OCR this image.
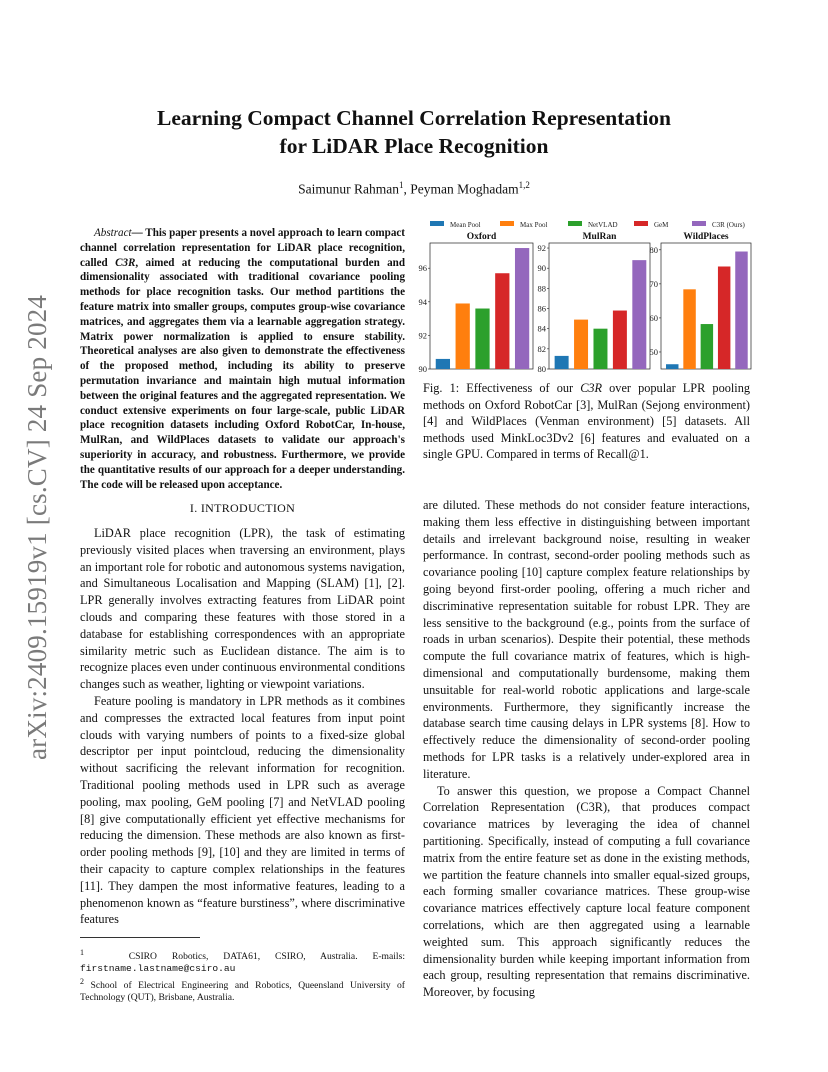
arXiv:2409.15919v1 [cs.CV] 24 Sep 2024
Learning Compact Channel Correlation Representation
for LiDAR Place Recognition
Saimunur Rahman$^1$, Peyman Moghadam$^{1,2}$

Abstract— This paper presents a novel approach to learn compact channel correlation representation for LiDAR place recognition, called C3R, aimed at reducing the computational burden and dimensionality associated with traditional covariance pooling methods for place recognition tasks. Our method partitions the feature matrix into smaller groups, computes group-wise covariance matrices, and aggregates them via a learnable aggregation strategy. Matrix power normalization is applied to ensure stability. Theoretical analyses are also given to demonstrate the effectiveness of the proposed method, including its ability to preserve permutation invariance and maintain high mutual information between the original features and the aggregated representation. We conduct extensive experiments on four large-scale, public LiDAR place recognition datasets including Oxford RobotCar, In-house, MulRan, and WildPlaces datasets to validate our approach's superiority in accuracy, and robustness. Furthermore, we provide the quantitative results of our approach for a deeper understanding. The code will be released upon acceptance.

I. INTRODUCTION

LiDAR place recognition (LPR), the task of estimating previously visited places when traversing an environment, plays an important role for robotic and autonomous systems navigation, and Simultaneous Localisation and Mapping (SLAM) [1], [2]. LPR generally involves extracting features from LiDAR point clouds and comparing these features with those stored in a database for establishing correspondences with an appropriate similarity metric such as Euclidean distance. The aim is to recognize places even under continuous environmental conditions changes such as weather, lighting or viewpoint variations.

Feature pooling is mandatory in LPR methods as it combines and compresses the extracted local features from input point clouds with varying numbers of points to a fixed-size global descriptor per input pointcloud, reducing the dimensionality without sacrificing the relevant information for recognition. Traditional pooling methods used in LPR such as average pooling, max pooling, GeM pooling [7] and NetVLAD pooling [8] give computationally efficient yet effective mechanisms for reducing the dimension. These methods are also known as first-order pooling methods [9], [10] and they are limited in terms of their capacity to capture complex relationships in the features [11]. They dampen the most informative features, leading to a phenomenon known as “feature burstiness”, where discriminative features

$^1$	CSIRO Robotics, DATA61, CSIRO, Australia. E-mails: firstname.lastname@csiro.au
$^2$ School of Electrical Engineering and Robotics, Queensland University of Technology (QUT), Brisbane, Australia.
Mean Pool	Max Pool	NetVLAD	GeM	C3R (Ours)
Oxford
90
92
94
96
MulRan
80
82
84
86
88
90
92
WildPlaces
50
60
70
80
Fig. 1: Effectiveness of our C3R over popular LPR pooling methods on Oxford RobotCar [3], MulRan (Sejong environment) [4] and WildPlaces (Venman environment) [5] datasets. All methods used MinkLoc3Dv2 [6] features and evaluated on a single GPU. Compared in terms of Recall@1.

are diluted. These methods do not consider feature interactions, making them less effective in distinguishing between important details and irrelevant background noise, resulting in weaker performance. In contrast, second-order pooling methods such as covariance pooling [10] capture complex feature relationships by going beyond first-order pooling, offering a much richer and discriminative representation suitable for robust LPR. They are less sensitive to the background (e.g., points from the surface of roads in urban scenarios). Despite their potential, these methods compute the full covariance matrix of features, which is high-dimensional and computationally burdensome, making them unsuitable for real-world robotic applications and large-scale environments. Furthermore, they significantly increase the database search time causing delays in LPR systems [8]. How to effectively reduce the dimensionality of second-order pooling methods for LPR tasks is a relatively under-explored area in literature.

To answer this question, we propose a Compact Channel Correlation Representation (C3R), that produces compact covariance matrices by leveraging the idea of channel partitioning. Specifically, instead of computing a full covariance matrix from the entire feature set as done in the existing methods, we partition the feature channels into smaller equal-sized groups, each forming smaller covariance matrices. These group-wise covariance matrices effectively capture local feature component correlations, which are then aggregated using a learnable weighted sum. This approach significantly reduces the dimensionality burden while keeping important information from each group, resulting representation that remains discriminative. Moreover, by focusing
